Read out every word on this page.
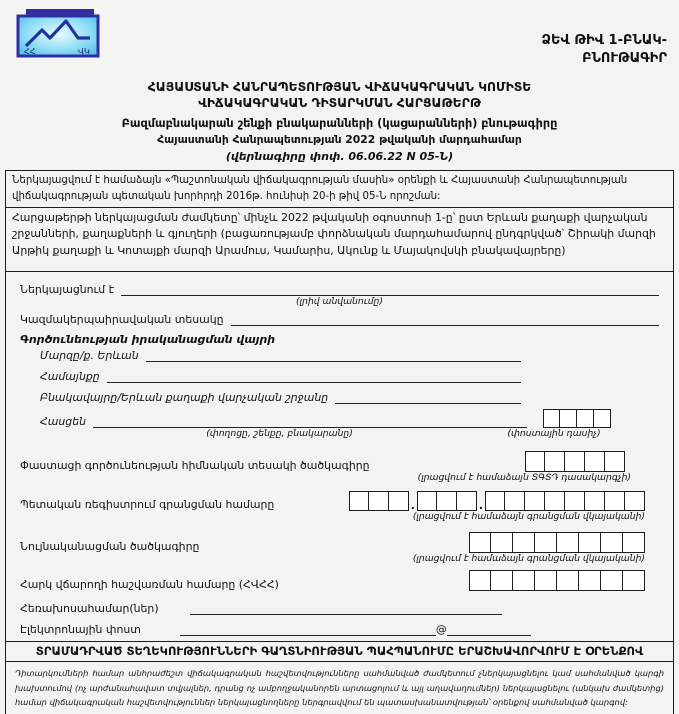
ՀՀ	ՎԿ
ՁԵՎ ԹԻՎ 1-ԲՆԱԿ-
ԲՆՈՒԹԱԳԻՐ
ՀԱՅԱՍՏԱՆԻ ՀԱՆՐԱՊԵՏՈՒԹՅԱՆ ՎԻՃԱԿԱԳՐԱԿԱՆ ԿՈՄԻՏԵ
ՎԻՃԱԿԱԳՐԱԿԱՆ ԴԻՏԱՐԿՄԱՆ ՀԱՐՑԱԹԵՐԹ
Բազմաբնակարան շենքի բնակարանների (կացարանների) բնութագիրը
Հայաստանի Հանրապետության 2022 թվականի մարդահամար
(վերնագիրը փոփ. 06.06.22 N 05-Ն)
Ներկայացվում է համաձայն «Պաշտոնական վիճակագրության մասին» օրենքի և Հայաստանի Հանրապետության վիճակագրության պետական խորհրդի 2016թ. հունիսի 20-ի թիվ 05-Ն որոշման:
Հարցաթերթի ներկայացման ժամկետը՝ մինչև 2022 թվականի օգոստոսի 1-ը՝ ըստ Երևան քաղաքի վարչական շրջանների, քաղաքների և գյուղերի (բացառությամբ փորձնական մարդահամարով ընդգրկված՝ Շիրակի մարզի Արթիկ քաղաքի և Կոտայքի մարզի Արամուս, Կամարիս, Ակունք և Մայակովսկի բնակավայրերը)
Ներկայացնում է
(լրիվ անվանումը)
Կազմակերպաիրավական տեսակը
Գործունեության իրականացման վայրի
Մարզը/ք. Երևան
Համայնքը
Բնակավայրը/Երևան քաղաքի վարչական շրջանը
Հասցեն
(փողոցը, շենքը, բնակարանը)	(փոստային դասիչ)
Փաստացի գործունեության հիմնական տեսակի ծածկագիրը
(լրացվում է համաձայն ՏԳՏԴ դասակարգչի)
Պետական ռեգիստրում գրանցման համարը	.	.
(լրացվում է համաձայն գրանցման վկայականի)
Նույնականացման ծածկագիրը
(լրացվում է համաձայն գրանցման վկայականի)
Հարկ վճարողի հաշվառման համարը (ՀՎՀՀ)
Հեռախոսահամար(ներ)
Էլեկտրոնային փոստ	@
ՏՐԱՄԱԴՐՎԱԾ ՏԵՂԵԿՈՒԹՅՈՒՆՆԵՐԻ ԳԱՂՏՆԻՈՒԹՅԱՆ ՊԱՀՊԱՆՈՒՄԸ ԵՐԱՇԽԱՎՈՐՎՈՒՄ Է ՕՐԵՆՔՈՎ
Դիտարկումների համար անհրաժեշտ վիճակագրական հաշվետվությունները սահմանված ժամկետում չներկայացնելու կամ սահմանված կարգի խախտումով (ոչ արժանահավատ տվյալներ, դրանց ոչ ամբողջականորեն արտացոլում և այլ աղավաղումներ) ներկայացնելու (անկախ ժամկետից) համար վիճակագրական հաշվետվություններ ներկայացնողները ներգրավվում են պատասխանատվության՝ օրենքով սահմանված կարգով:
